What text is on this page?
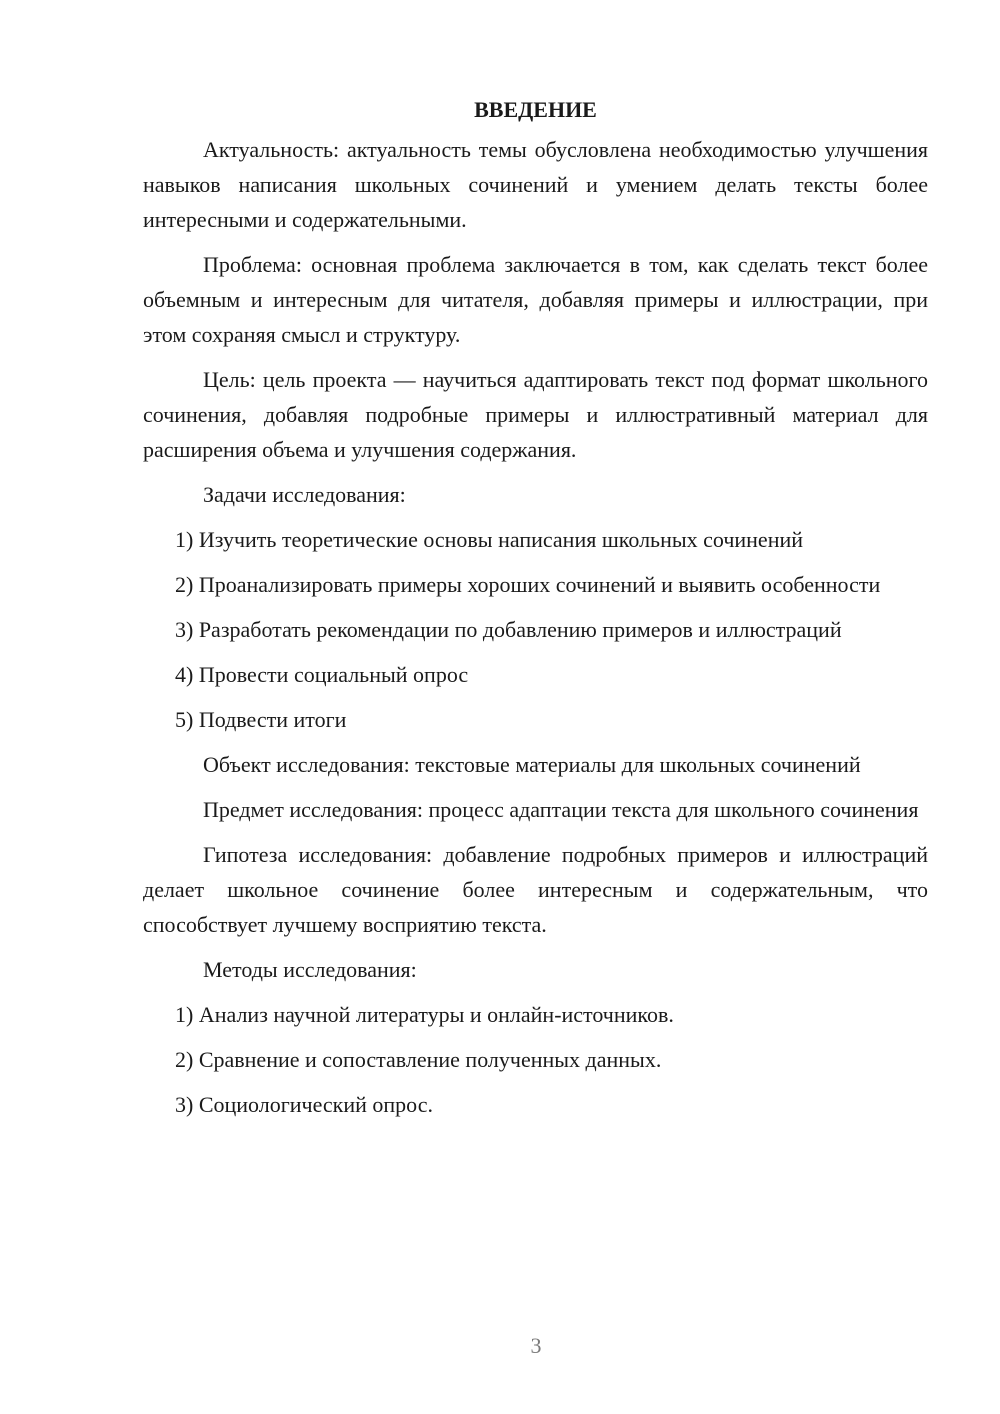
ВВЕДЕНИЕ

Актуальность: актуальность темы обусловлена необходимостью улучшения навыков написания школьных сочинений и умением делать тексты более интересными и содержательными.

Проблема: основная проблема заключается в том, как сделать текст более объемным и интересным для читателя, добавляя примеры и иллюстрации, при этом сохраняя смысл и структуру.

Цель: цель проекта — научиться адаптировать текст под формат школьного сочинения, добавляя подробные примеры и иллюстративный материал для расширения объема и улучшения содержания.

Задачи исследования:

1) Изучить теоретические основы написания школьных сочинений

2) Проанализировать примеры хороших сочинений и выявить особенности

3) Разработать рекомендации по добавлению примеров и иллюстраций

4) Провести социальный опрос

5) Подвести итоги

Объект исследования: текстовые материалы для школьных сочинений

Предмет исследования: процесс адаптации текста для школьного сочинения

Гипотеза исследования: добавление подробных примеров и иллюстраций делает школьное сочинение более интересным и содержательным, что способствует лучшему восприятию текста.

Методы исследования:

1) Анализ научной литературы и онлайн-источников.

2) Сравнение и сопоставление полученных данных.

3) Социологический опрос.

3
